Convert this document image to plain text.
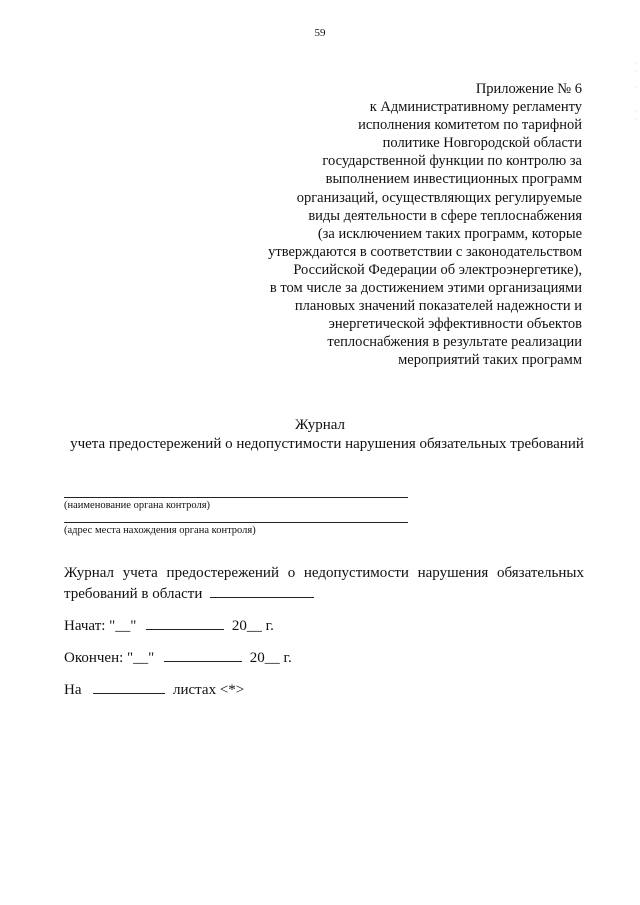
59
·
·

·

·
·
Приложение № 6
к Административному регламенту
исполнения комитетом по тарифной
политике Новгородской области
государственной функции по контролю за
выполнением инвестиционных программ
организаций, осуществляющих регулируемые
виды деятельности в сфере теплоснабжения
(за исключением таких программ, которые
утверждаются в соответствии с законодательством
Российской Федерации об электроэнергетике),
в том числе за достижением этими организациями
плановых значений показателей надежности и
энергетической эффективности объектов
теплоснабжения в результате реализации
мероприятий таких программ
Журнал
учета предостережений о недопустимости нарушения обязательных требований
(наименование органа контроля)
(адрес места нахождения органа контроля)
Журнал учета предостережений о недопустимости нарушения обязательных
требований в области
Начат: "__"	20__ г.
Окончен: "__"	20__ г.
На	листах <*>
